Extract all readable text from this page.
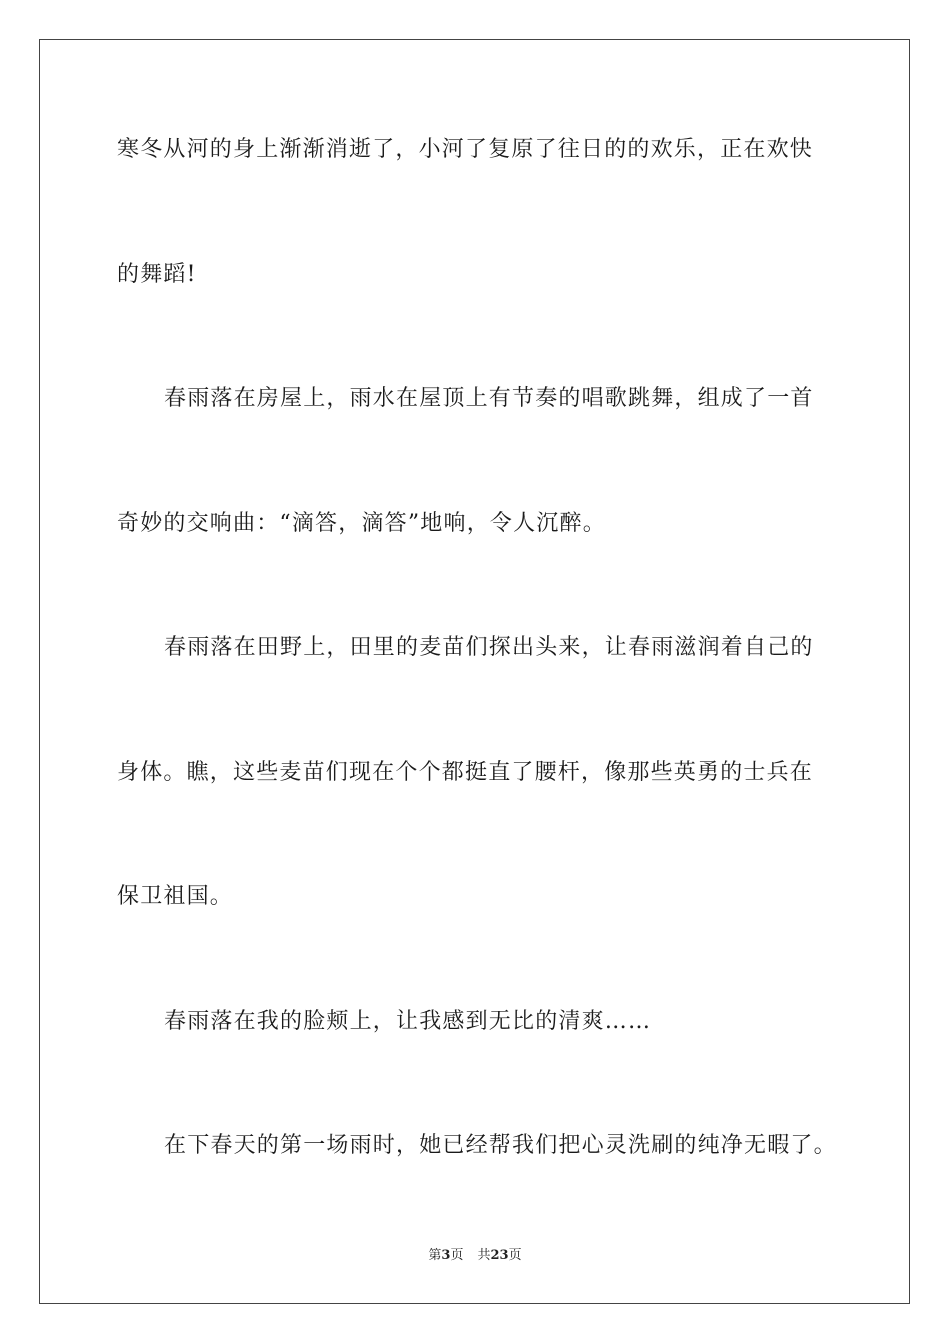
寒冬从河的身上渐渐消逝了，小河了复原了往日的的欢乐，正在欢快
的舞蹈!
春雨落在房屋上，雨水在屋顶上有节奏的唱歌跳舞，组成了一首
奇妙的交响曲：“滴答，滴答”地响，令人沉醉。
春雨落在田野上，田里的麦苗们探出头来，让春雨滋润着自己的
身体。瞧，这些麦苗们现在个个都挺直了腰杆，像那些英勇的士兵在
保卫祖国。
春雨落在我的脸颊上，让我感到无比的清爽……
在下春天的第一场雨时，她已经帮我们把心灵洗刷的纯净无暇了。
第3页 共23页
